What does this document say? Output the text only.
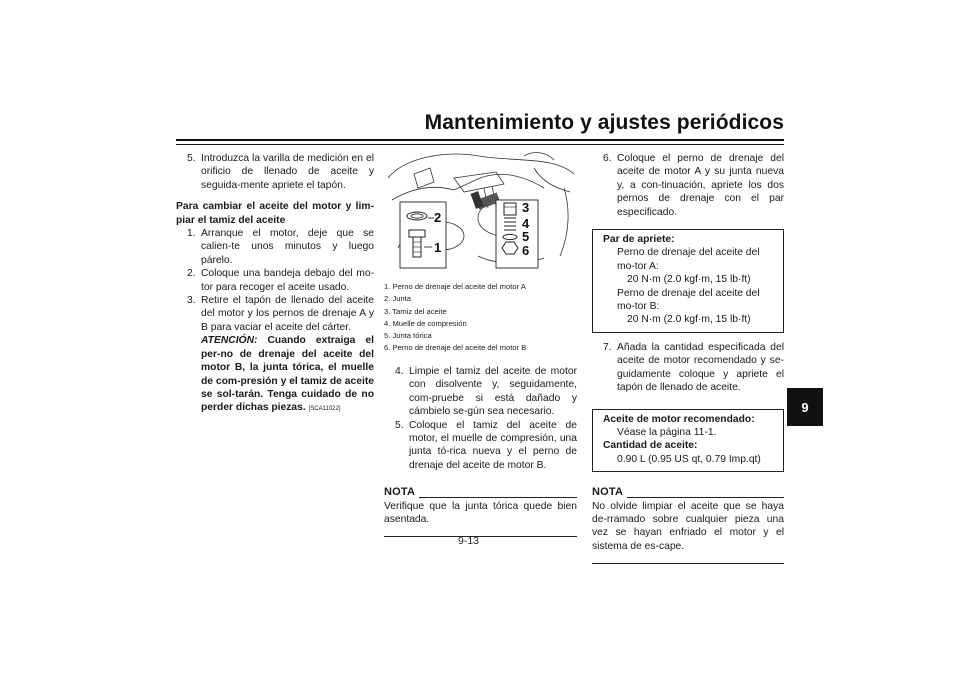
Mantenimiento y ajustes periódicos
9
5. Introduzca la varilla de medición en el orificio de llenado de aceite y seguida-mente apriete el tapón.
Para cambiar el aceite del motor y lim-piar el tamiz del aceite
1. Arranque el motor, deje que se calien-te unos minutos y luego párelo.
2. Coloque una bandeja debajo del mo-tor para recoger el aceite usado.
3. Retire el tapón de llenado del aceite del motor y los pernos de drenaje A y B para vaciar el aceite del cárter.
ATENCIÓN: Cuando extraiga el per-no de drenaje del aceite del motor B, la junta tórica, el muelle de com-presión y el tamiz de aceite se sol-tarán. Tenga cuidado de no perder dichas piezas. [SCA11022]
2
1
3
4
5
6
1. Perno de drenaje del aceite del motor A
2. Junta
3. Tamiz del aceite
4. Muelle de compresión
5. Junta tórica
6. Perno de drenaje del aceite del motor B
4. Limpie el tamiz del aceite de motor con disolvente y, seguidamente, com-pruebe si está dañado y cámbielo se-gún sea necesario.
5. Coloque el tamiz del aceite de motor, el muelle de compresión, una junta tó-rica nueva y el perno de drenaje del aceite de motor B.
NOTA
Verifique que la junta tórica quede bien asentada.
6. Coloque el perno de drenaje del aceite de motor A y su junta nueva y, a con-tinuación, apriete los dos pernos de drenaje con el par especificado.
Par de apriete:
Perno de drenaje del aceite del mo-tor A:
20 N·m (2.0 kgf·m, 15 lb·ft)
Perno de drenaje del aceite del mo-tor B:
20 N·m (2.0 kgf·m, 15 lb·ft)
7. Añada la cantidad especificada del aceite de motor recomendado y se-guidamente coloque y apriete el tapón de llenado de aceite.
Aceite de motor recomendado:
Véase la página 11-1.
Cantidad de aceite:
0.90 L (0.95 US qt, 0.79 Imp.qt)
NOTA
No olvide limpiar el aceite que se haya de-rramado sobre cualquier pieza una vez se hayan enfriado el motor y el sistema de es-cape.
9-13
